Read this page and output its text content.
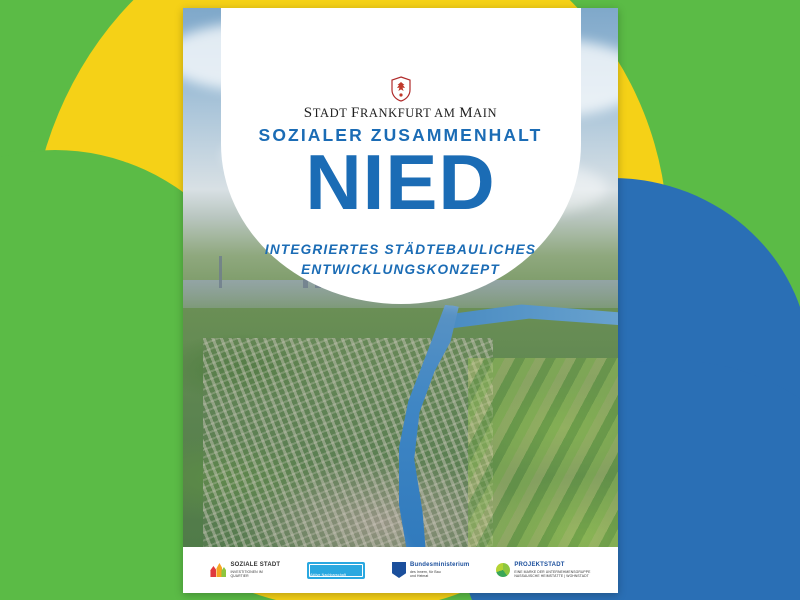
STADT FRANKFURT AM MAIN
SOZIALER ZUSAMMENHALT
NIED
INTEGRIERTES STÄDTEBAULICHES
ENTWICKLUNGSKONZEPT
SOZIALE STADT
INVESTITIONEN IM
QUARTIER	Aktive Nachbarschaft
Bundesministerium
des Innern, für Bau
und Heimat
PROJEKTSTADT
EINE MARKE DER UNTERNEHMENSGRUPPE
NASSAUISCHE HEIMSTÄTTE | WOHNSTADT
